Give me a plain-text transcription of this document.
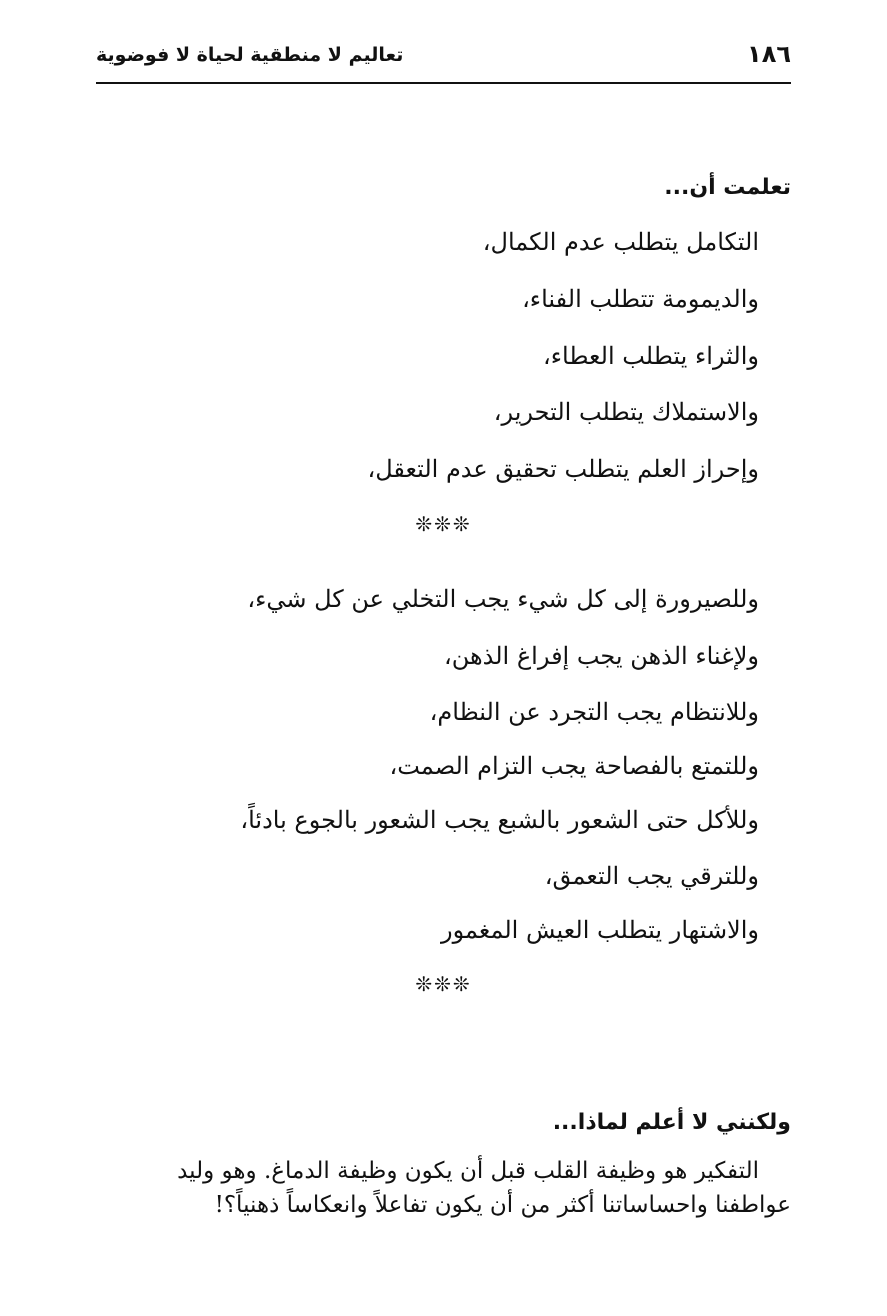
١٨٦
تعاليم لا منطقية لحياة لا فوضوية
تعلمت أن...
التكامل يتطلب عدم الكمال،
والديمومة تتطلب الفناء،
والثراء يتطلب العطاء،
والاستملاك يتطلب التحرير،
وإحراز العلم يتطلب تحقيق عدم التعقل،
❊❊❊
وللصيرورة إلى كل شيء يجب التخلي عن كل شيء،
ولإغناء الذهن يجب إفراغ الذهن،
وللانتظام يجب التجرد عن النظام،
وللتمتع بالفصاحة يجب التزام الصمت،
وللأكل حتى الشعور بالشبع يجب الشعور بالجوع بادئاً،
وللترقي يجب التعمق،
والاشتهار يتطلب العيش المغمور
❊❊❊
ولكنني لا أعلم لماذا...
التفكير هو وظيفة القلب قبل أن يكون وظيفة الدماغ. وهو وليد
عواطفنا واحساساتنا أكثر من أن يكون تفاعلاً وانعكاساً ذهنياً؟!
